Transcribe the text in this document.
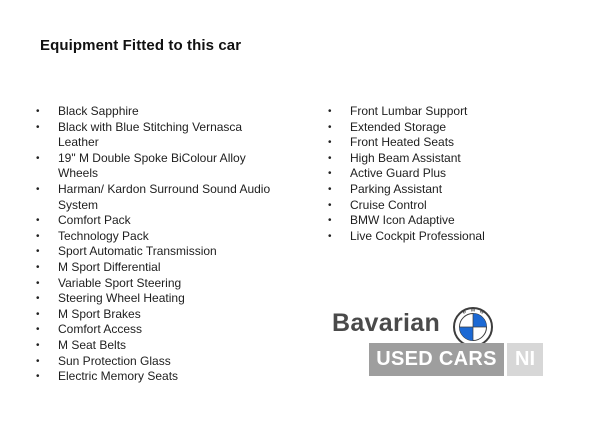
Equipment Fitted to this car
• Black Sapphire
• Black with Blue Stitching Vernasca Leather
• 19" M Double Spoke BiColour Alloy Wheels
• Harman/ Kardon Surround Sound Audio System
• Comfort Pack
• Technology Pack
• Sport Automatic Transmission
• M Sport Differential
• Variable Sport Steering
• Steering Wheel Heating
• M Sport Brakes
• Comfort Access
• M Seat Belts
• Sun Protection Glass
• Electric Memory Seats
• Front Lumbar Support
• Extended Storage
• Front Heated Seats
• High Beam Assistant
• Active Guard Plus
• Parking Assistant
• Cruise Control
• BMW Icon Adaptive
• Live Cockpit Professional
Bavarian	B M W
USED CARS NI
